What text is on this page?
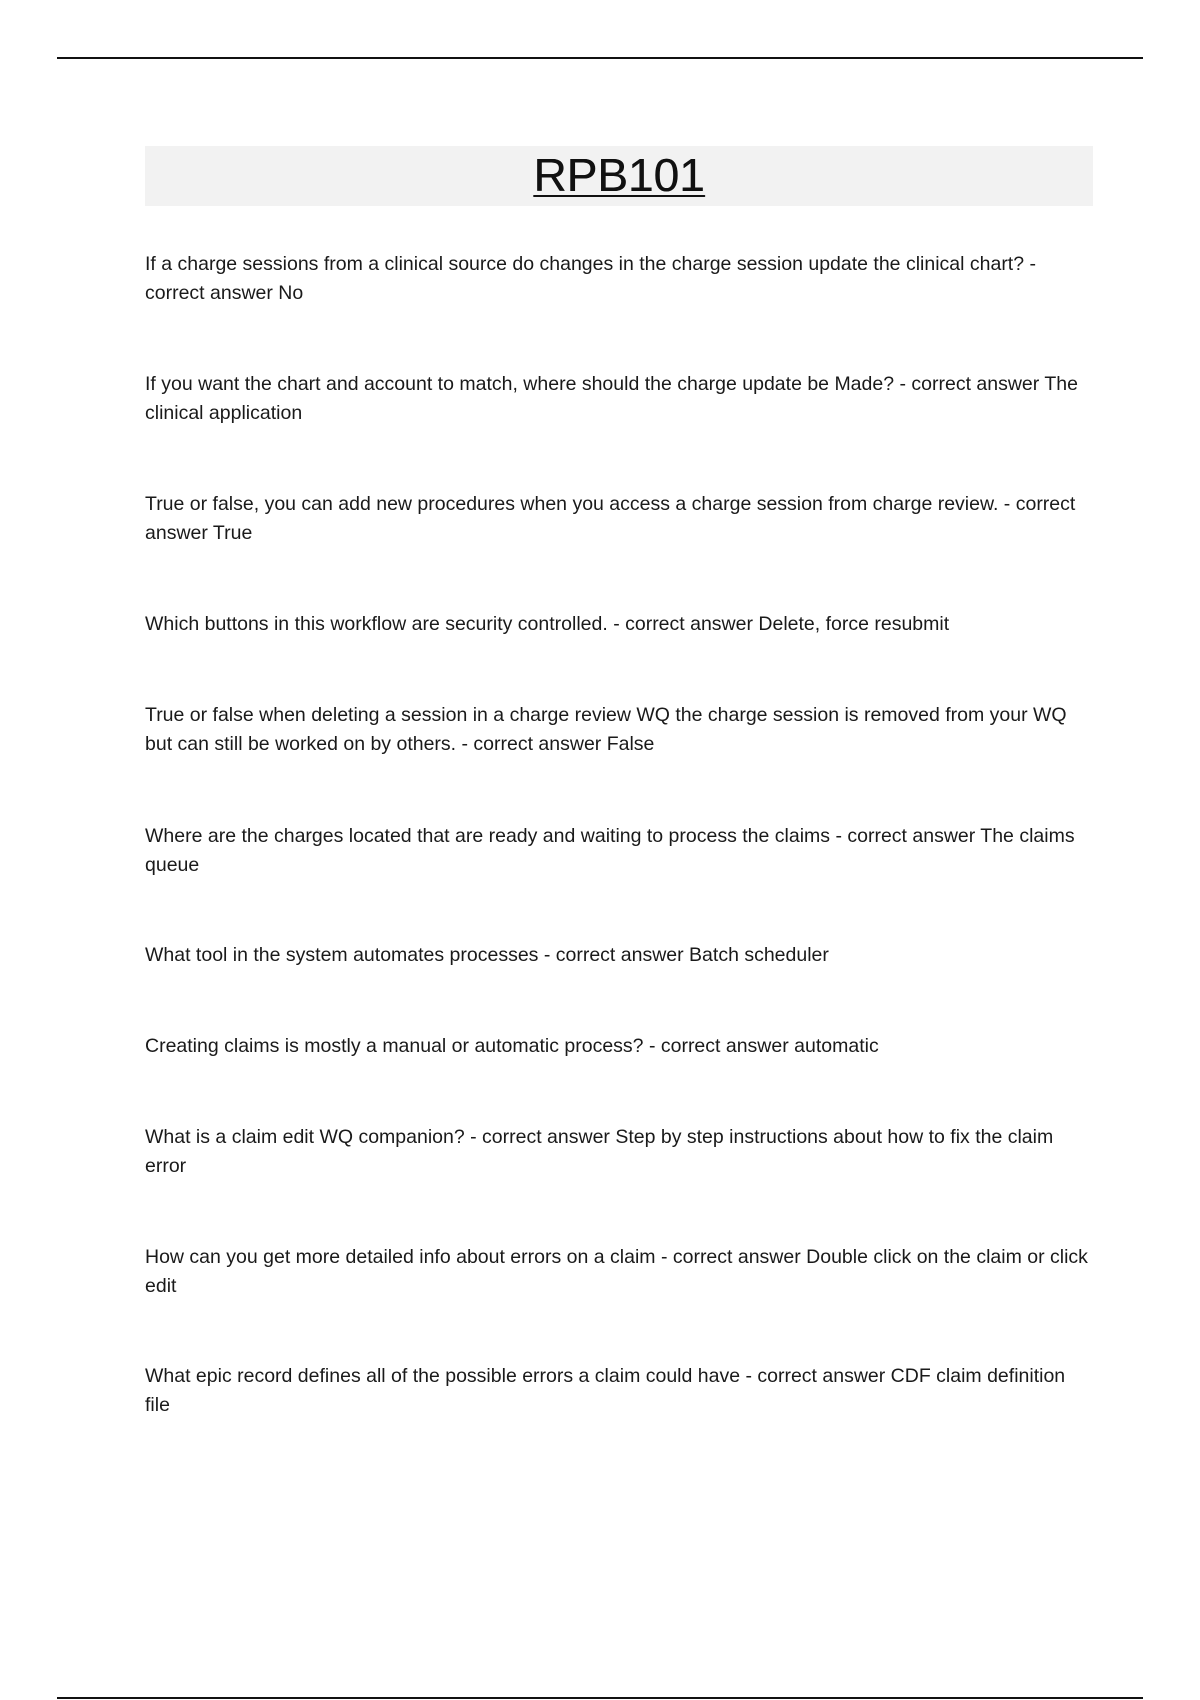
RPB101
If a charge sessions from a clinical source do changes in the charge session update the clinical chart? - correct answer No
If you want the chart and account to match, where should the charge update be Made? - correct answer The clinical application
True or false, you can add new procedures when you access a charge session from charge review. - correct answer True
Which buttons in this workflow are security controlled. - correct answer Delete, force resubmit
True or false when deleting a session in a charge review WQ the charge session is removed from your WQ but can still be worked on by others. - correct answer False
Where are the charges located that are ready and waiting to process the claims - correct answer The claims queue
What tool in the system automates processes - correct answer Batch scheduler
Creating claims is mostly a manual or automatic process? - correct answer automatic
What is a claim edit WQ companion? - correct answer Step by step instructions about how to fix the claim error
How can you get more detailed info about errors on a claim - correct answer Double click on the claim or click edit
What epic record defines all of the possible errors a claim could have - correct answer CDF claim definition file
